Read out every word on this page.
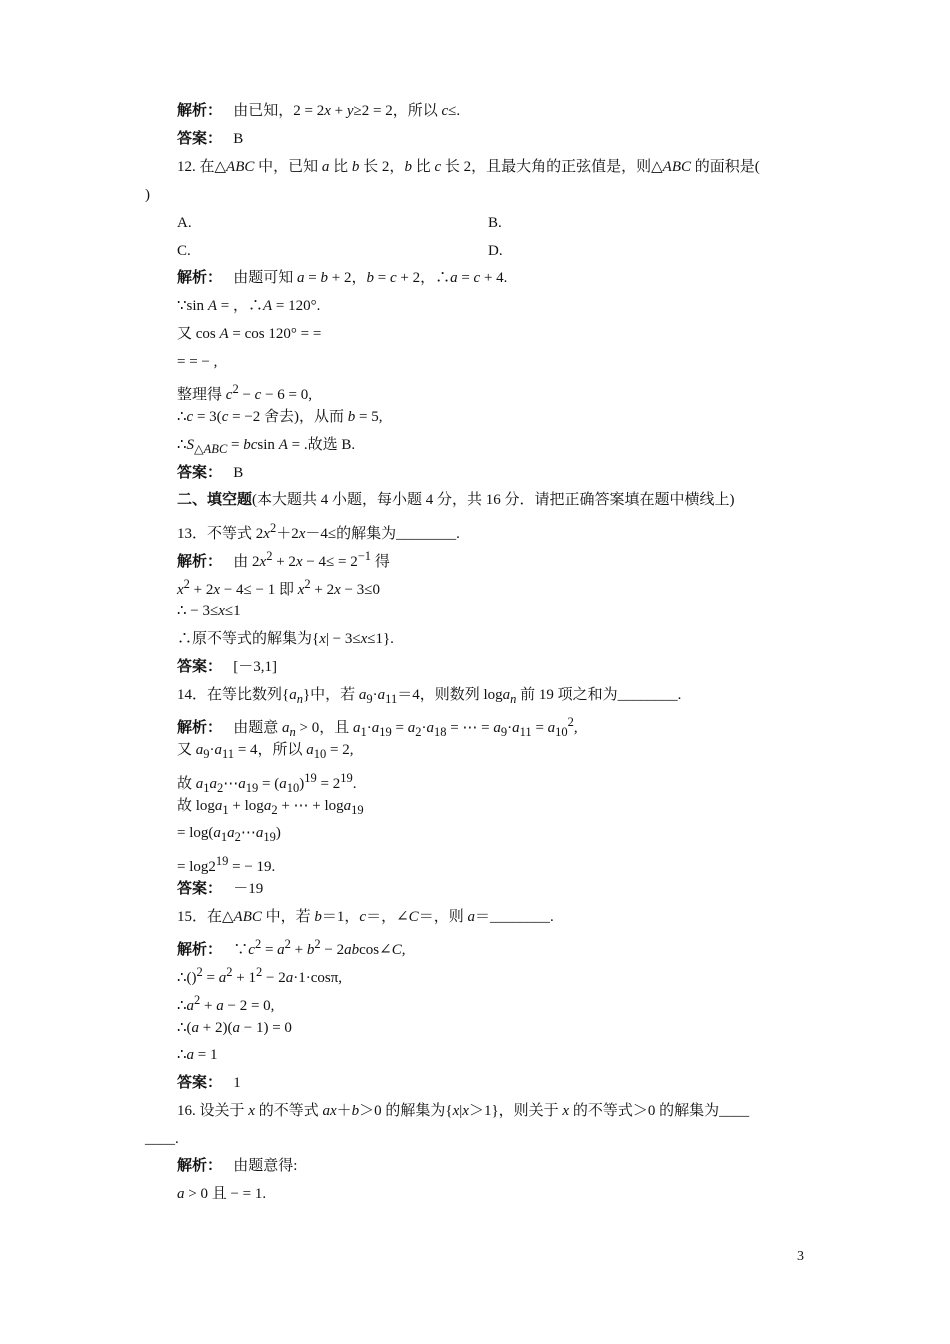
解析：　 由已知，2 = 2x + y≥2 = 2，所以 c≤.
答案：　 B
12. 在△ABC 中，已知 a 比 b 长 2，b 比 c 长 2，且最大角的正弦值是，则△ABC 的面积是(
)
A.	B.
C.	D.
解析：　 由题可知 a = b + 2，b = c + 2，∴a = c + 4.
∵sin A = ，∴A = 120°.
又 cos A = cos 120° = =
= = − ,
整理得 $c^2 - c - 6 = 0$,
∴c = 3(c = −2 舍去)，从而 b = 5,
$\therefore S_{\triangle ABC} = bcsin$ A = .故选 B.
答案：　 B
二、填空题(本大题共 4 小题，每小题 4 分，共 16 分．请把正确答案填在题中横线上)
13．不等式 $2x^2+2x-4\le$的解集为________.
解析：　 由 $2x^2 + 2x - 4\le = 2^{-1}$ 得
$x^2 + 2x - 4\le - 1$ 即 $x^2 + 2x - 3\le 0$
∴ − 3≤x≤1
∴原不等式的解集为{x| − 3≤x≤1}.
答案：　 [－3,1]
14．在等比数列$\{a_n\}$中，若 $a_9\cdot a_{11}=4$，则数列 loga$_n$ 前 19 项之和为________.
解析：　 由题意 $a_n > 0$，且 $a_1\cdot a_{19} = a_2\cdot a_{18}$ = ⋯ = $a_9\cdot a_{11} = a_{10}^2$,
又 $a_9\cdot a_{11} = 4$，所以 $a_{10} = 2$,
故 $a_1a_2\cdots a_{19} = (a_{10})^{19} = 2^{19}$.
故 loga$_1$ + loga$_2$ + ⋯ + loga$_{19}$
= $\log(a_1a_2\cdots a_{19})$
= $\log 2^{19}$ = − 19.
答案：　 －19
15．在△ABC 中，若 b＝1，c＝，∠C＝，则 a＝________.
解析：　 $\because c^2 = a^2 + b^2$ − 2abcos∠C,
∴()$^2$ = $a^2 + 1^2 - 2a\cdot 1\cdot\cos\pi$,
$\therefore a^2 + a - 2 = 0$,
∴(a + 2)(a − 1) = 0
∴a = 1
答案：　 1
16. 设关于 x 的不等式 ax＋b＞0 的解集为{x|x＞1}，则关于 x 的不等式＞0 的解集为____
____.
解析：　 由题意得:
a > 0 且 − = 1.
3
